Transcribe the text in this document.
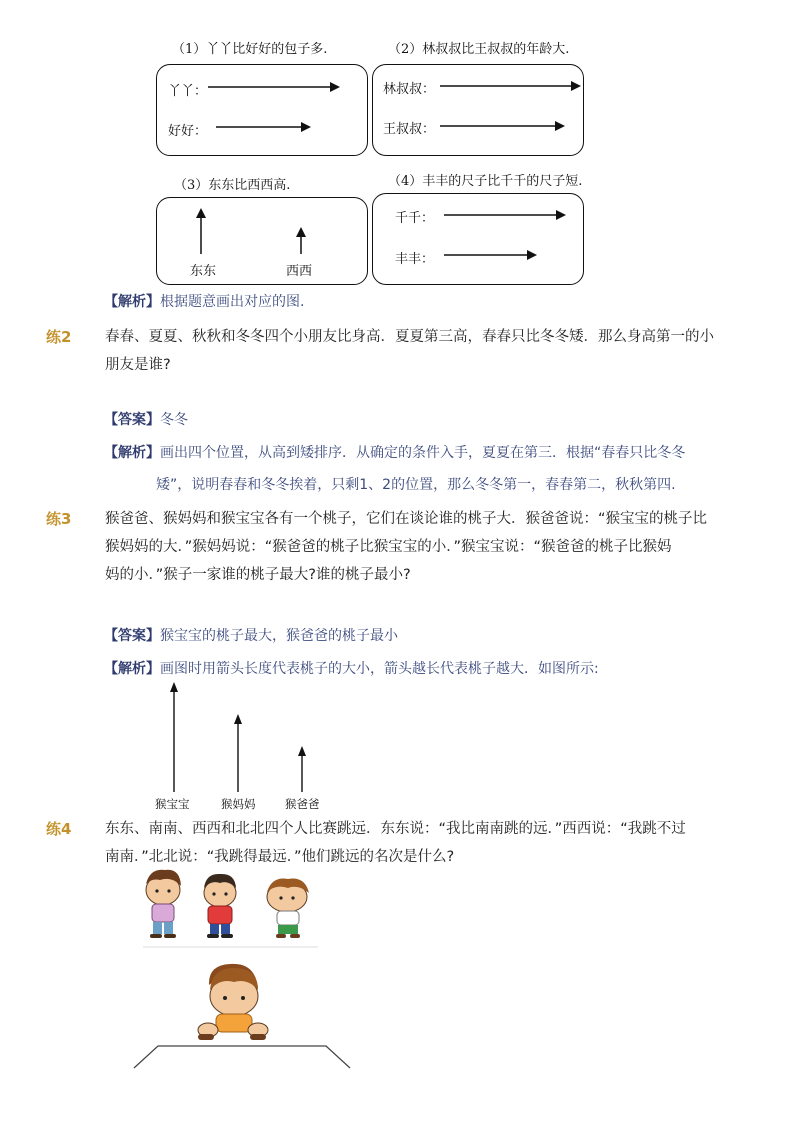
（1）丫丫比好好的包子多.
丫丫：
好好：
（2）林叔叔比王叔叔的年龄大.
林叔叔：
王叔叔：
（3）东东比西西高.
东东	西西
（4）丰丰的尺子比千千的尺子短.
千千：
丰丰：
【解析】根据题意画出对应的图.
练2 春春、夏夏、秋秋和冬冬四个小朋友比身高．夏夏第三高，春春只比冬冬矮．那么身高第一的小
朋友是谁?
【答案】冬冬
【解析】画出四个位置，从高到矮排序．从确定的条件入手，夏夏在第三．根据“春春只比冬冬
矮”，说明春春和冬冬挨着，只剩1、2的位置，那么冬冬第一，春春第二，秋秋第四.
练3 猴爸爸、猴妈妈和猴宝宝各有一个桃子，它们在谈论谁的桃子大．猴爸爸说：“猴宝宝的桃子比
猴妈妈的大．”猴妈妈说：“猴爸爸的桃子比猴宝宝的小．”猴宝宝说：“猴爸爸的桃子比猴妈
妈的小．”猴子一家谁的桃子最大?谁的桃子最小?
【答案】猴宝宝的桃子最大，猴爸爸的桃子最小
【解析】画图时用箭头长度代表桃子的大小，箭头越长代表桃子越大．如图所示:
猴宝宝	猴妈妈	猴爸爸
练4 东东、南南、西西和北北四个人比赛跳远．东东说：“我比南南跳的远．”西西说：“我跳不过
南南．”北北说：“我跳得最远．”他们跳远的名次是什么?
